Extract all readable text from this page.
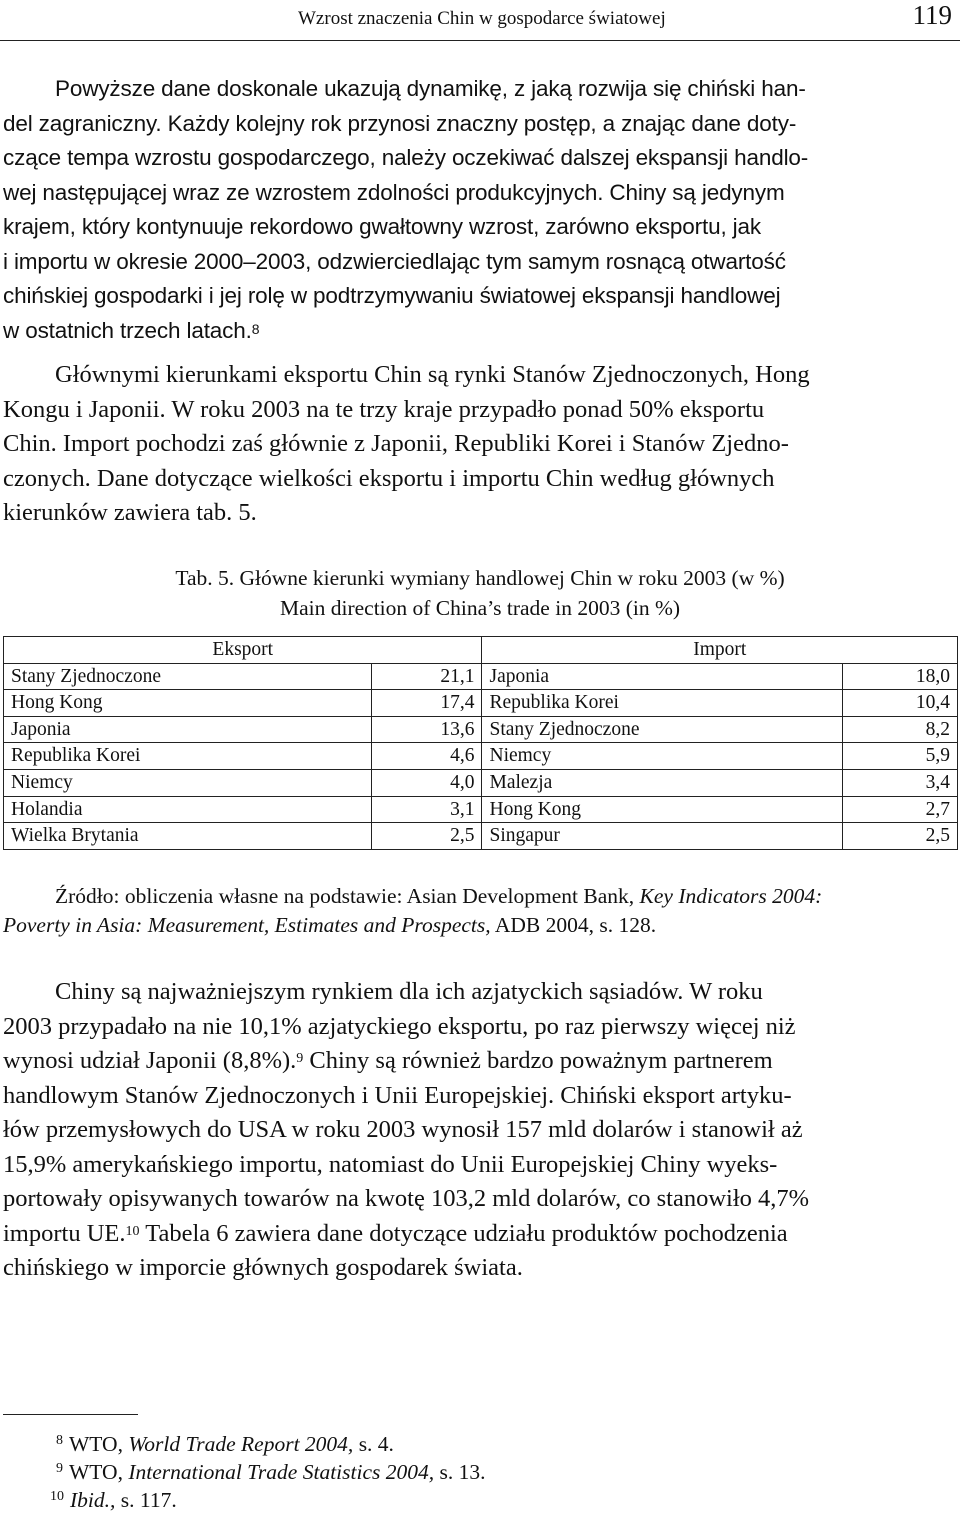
Wzrost znaczenia Chin w gospodarce światowej	119
Powyższe dane doskonale ukazują dynamikę, z jaką rozwija się chiński han-
del zagraniczny. Każdy kolejny rok przynosi znaczny postęp, a znając dane doty-
czące tempa wzrostu gospodarczego, należy oczekiwać dalszej ekspansji handlo-
wej następującej wraz ze wzrostem zdolności produkcyjnych. Chiny są jedynym
krajem, który kontynuuje rekordowo gwałtowny wzrost, zarówno eksportu, jak
i importu w okresie 2000–2003, odzwierciedlając tym samym rosnącą otwartość
chińskiej gospodarki i jej rolę w podtrzymywaniu światowej ekspansji handlowej
w ostatnich trzech latach.$^8$
Głównymi kierunkami eksportu Chin są rynki Stanów Zjednoczonych, Hong
Kongu i Japonii. W roku 2003 na te trzy kraje przypadło ponad 50% eksportu
Chin. Import pochodzi zaś głównie z Japonii, Republiki Korei i Stanów Zjedno-
czonych. Dane dotyczące wielkości eksportu i importu Chin według głównych
kierunków zawiera tab. 5.
Tab. 5. Główne kierunki wymiany handlowej Chin w roku 2003 (w %)
Main direction of China’s trade in 2003 (in %)
Eksport		Import	
Stany Zjednoczone	21,1	Japonia	18,0
Hong Kong	17,4	Republika Korei	10,4
Japonia	13,6	Stany Zjednoczone	8,2
Republika Korei	4,6	Niemcy	5,9
Niemcy	4,0	Malezja	3,4
Holandia	3,1	Hong Kong	2,7
Wielka Brytania	2,5	Singapur	2,5
Źródło: obliczenia własne na podstawie: Asian Development Bank, Key Indicators 2004:
Poverty in Asia: Measurement, Estimates and Prospects, ADB 2004, s. 128.
Chiny są najważniejszym rynkiem dla ich azjatyckich sąsiadów. W roku
2003 przypadało na nie 10,1% azjatyckiego eksportu, po raz pierwszy więcej niż
wynosi udział Japonii (8,8%).$^9$ Chiny są również bardzo poważnym partnerem
handlowym Stanów Zjednoczonych i Unii Europejskiej. Chiński eksport artyku-
łów przemysłowych do USA w roku 2003 wynosił 157 mld dolarów i stanowił aż
15,9% amerykańskiego importu, natomiast do Unii Europejskiej Chiny wyeks-
portowały opisywanych towarów na kwotę 103,2 mld dolarów, co stanowiło 4,7%
importu UE.$^{10}$ Tabela 6 zawiera dane dotyczące udziału produktów pochodzenia
chińskiego w imporcie głównych gospodarek świata.
$^8$ WTO, World Trade Report 2004, s. 4.
$^9$ WTO, International Trade Statistics 2004, s. 13.
$^{10}$ Ibid., s. 117.
